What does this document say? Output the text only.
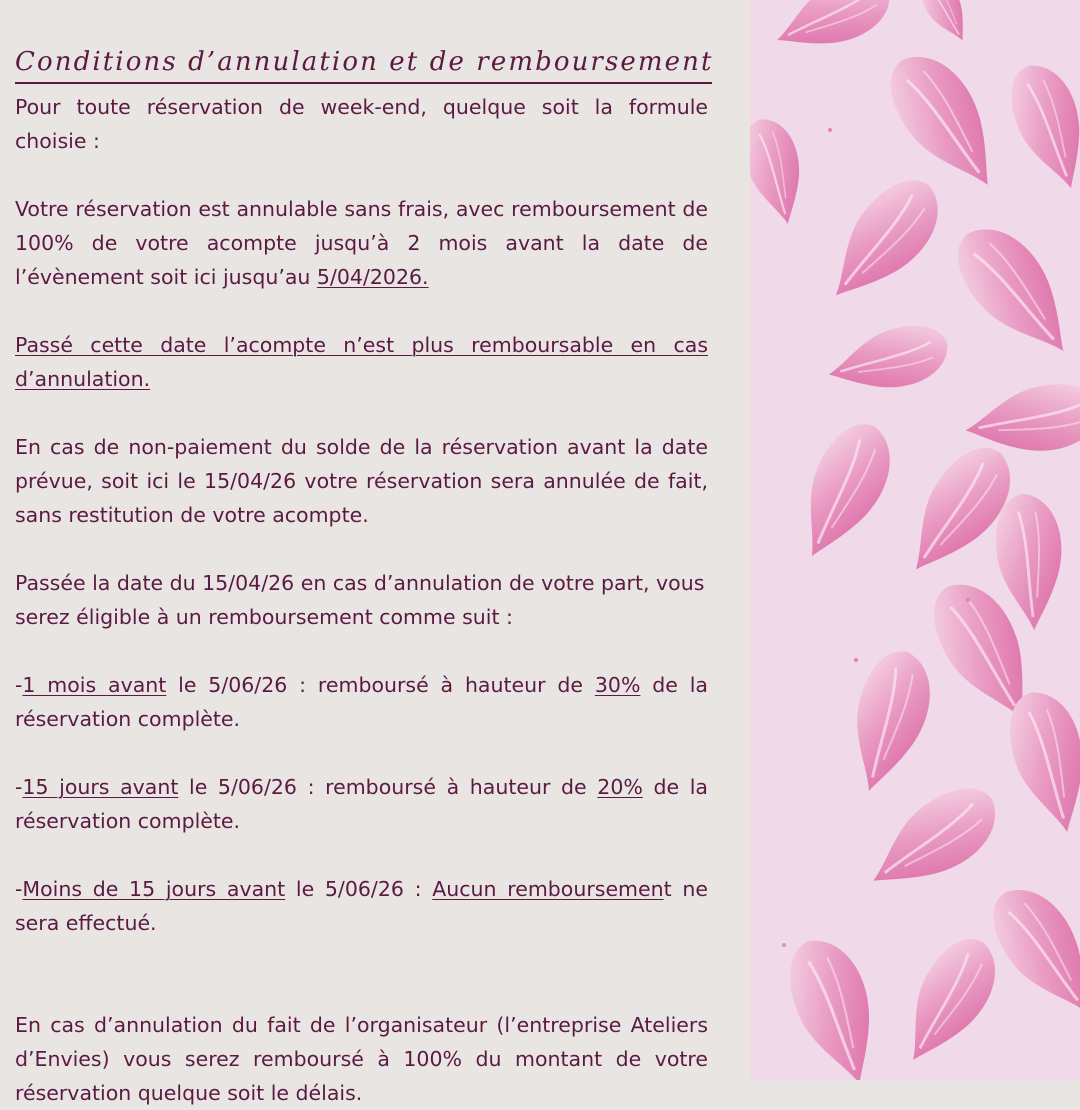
Conditions d’annulation et de remboursement

Pour toute réservation de week-end, quelque soit la formule choisie :

Votre réservation est annulable sans frais, avec remboursement de 100% de votre acompte jusqu’à 2 mois avant la date de l’évènement soit ici jusqu’au 5/04/2026.

Passé cette date l’acompte n’est plus remboursable en cas d’annulation.

En cas de non-paiement du solde de la réservation avant la date prévue, soit ici le 15/04/26 votre réservation sera annulée de fait, sans restitution de votre acompte.

Passée la date du 15/04/26 en cas d’annulation de votre part, vous serez éligible à un remboursement comme suit :

-1 mois avant le 5/06/26 : remboursé à hauteur de 30% de la réservation complète.

-15 jours avant le 5/06/26 : remboursé à hauteur de 20% de la réservation complète.

-Moins de 15 jours avant le 5/06/26 : Aucun remboursement ne sera effectué.

En cas d’annulation du fait de l’organisateur (l’entreprise Ateliers d’Envies) vous serez remboursé à 100% du montant de votre réservation quelque soit le délais.
